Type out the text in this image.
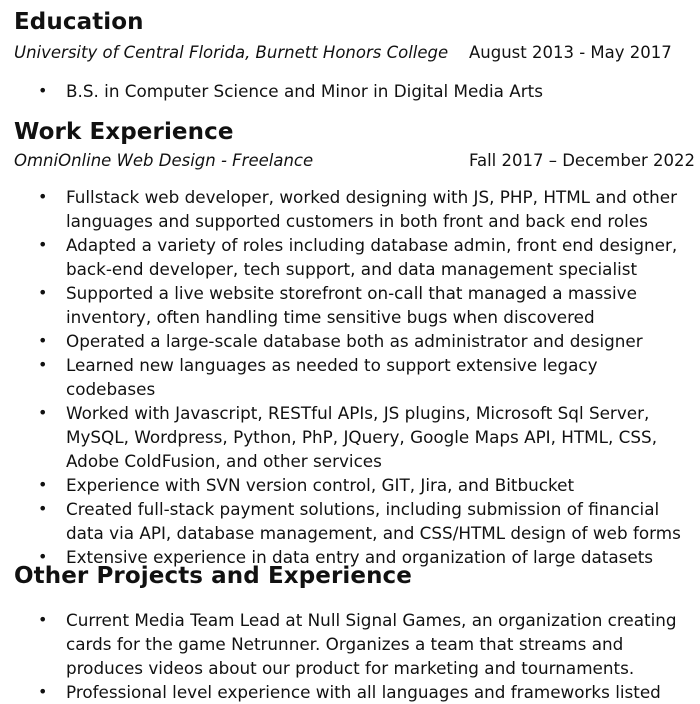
Education
University of Central Florida, Burnett Honors College August 2013 - May 2017
• B.S. in Computer Science and Minor in Digital Media Arts
Work Experience
OmniOnline Web Design - Freelance	Fall 2017 – December 2022
• Fullstack web developer, worked designing with JS, PHP, HTML and other languages and supported customers in both front and back end roles
• Adapted a variety of roles including database admin, front end designer, back-end developer, tech support, and data management specialist
• Supported a live website storefront on-call that managed a massive inventory, often handling time sensitive bugs when discovered
• Operated a large-scale database both as administrator and designer
• Learned new languages as needed to support extensive legacy codebases
• Worked with Javascript, RESTful APIs, JS plugins, Microsoft Sql Server, MySQL, Wordpress, Python, PhP, JQuery, Google Maps API, HTML, CSS, Adobe ColdFusion, and other services
• Experience with SVN version control, GIT, Jira, and Bitbucket
• Created full-stack payment solutions, including submission of financial data via API, database management, and CSS/HTML design of web forms
• Extensive experience in data entry and organization of large datasets
Other Projects and Experience
• Current Media Team Lead at Null Signal Games, an organization creating cards for the game Netrunner. Organizes a team that streams and produces videos about our product for marketing and tournaments.
• Professional level experience with all languages and frameworks listed
